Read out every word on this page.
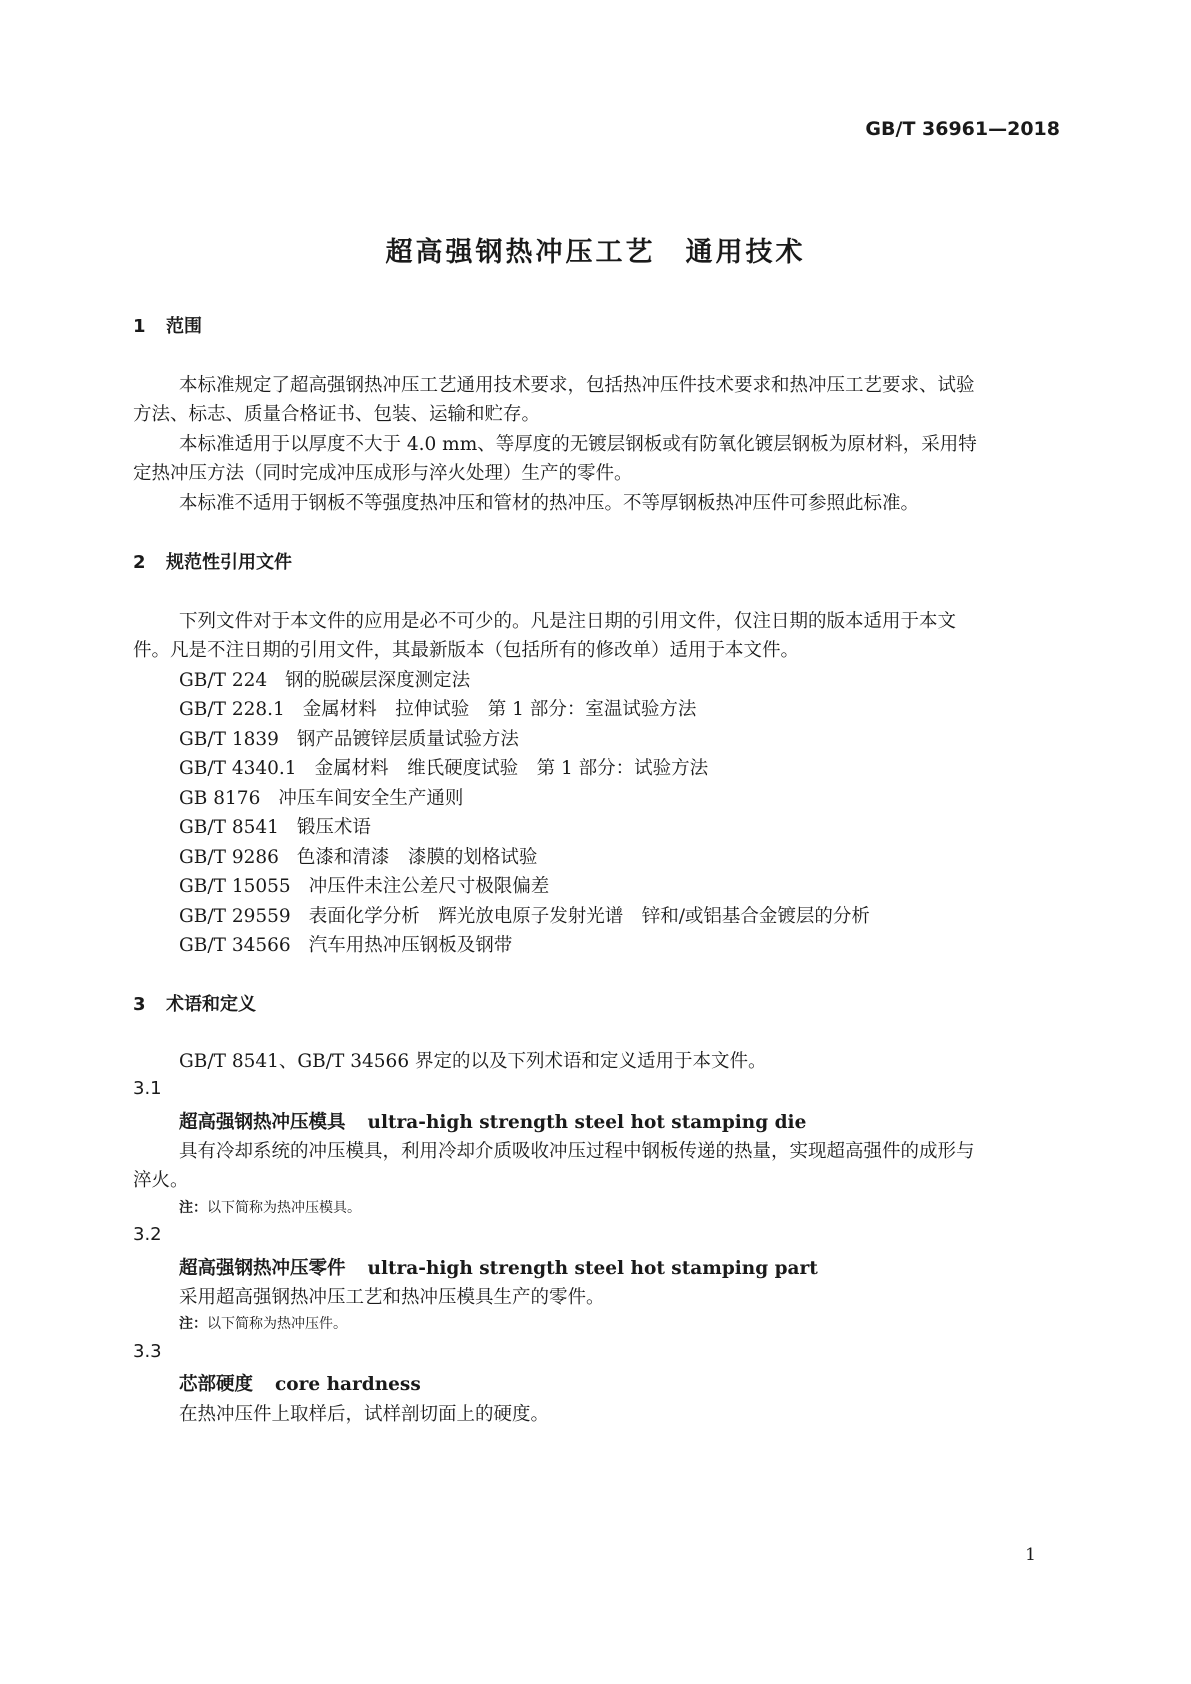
GB/T 36961—2018
超高强钢热冲压工艺　通用技术
1 范围
本标准规定了超高强钢热冲压工艺通用技术要求，包括热冲压件技术要求和热冲压工艺要求、试验
方法、标志、质量合格证书、包装、运输和贮存。
本标准适用于以厚度不大于 4.0 mm、等厚度的无镀层钢板或有防氧化镀层钢板为原材料，采用特
定热冲压方法（同时完成冲压成形与淬火处理）生产的零件。
本标准不适用于钢板不等强度热冲压和管材的热冲压。不等厚钢板热冲压件可参照此标准。
2 规范性引用文件
下列文件对于本文件的应用是必不可少的。凡是注日期的引用文件，仅注日期的版本适用于本文
件。凡是不注日期的引用文件，其最新版本（包括所有的修改单）适用于本文件。
GB/T 224 钢的脱碳层深度测定法
GB/T 228.1 金属材料　拉伸试验　第 1 部分：室温试验方法
GB/T 1839 钢产品镀锌层质量试验方法
GB/T 4340.1 金属材料　维氏硬度试验　第 1 部分：试验方法
GB 8176 冲压车间安全生产通则
GB/T 8541 锻压术语
GB/T 9286 色漆和清漆　漆膜的划格试验
GB/T 15055 冲压件未注公差尺寸极限偏差
GB/T 29559 表面化学分析　辉光放电原子发射光谱　锌和/或铝基合金镀层的分析
GB/T 34566 汽车用热冲压钢板及钢带
3 术语和定义
GB/T 8541、GB/T 34566 界定的以及下列术语和定义适用于本文件。
3.1
超高强钢热冲压模具 ultra-high strength steel hot stamping die
具有冷却系统的冲压模具，利用冷却介质吸收冲压过程中钢板传递的热量，实现超高强件的成形与
淬火。
注：以下简称为热冲压模具。
3.2
超高强钢热冲压零件 ultra-high strength steel hot stamping part
采用超高强钢热冲压工艺和热冲压模具生产的零件。
注：以下简称为热冲压件。
3.3
芯部硬度 core hardness
在热冲压件上取样后，试样剖切面上的硬度。
1
